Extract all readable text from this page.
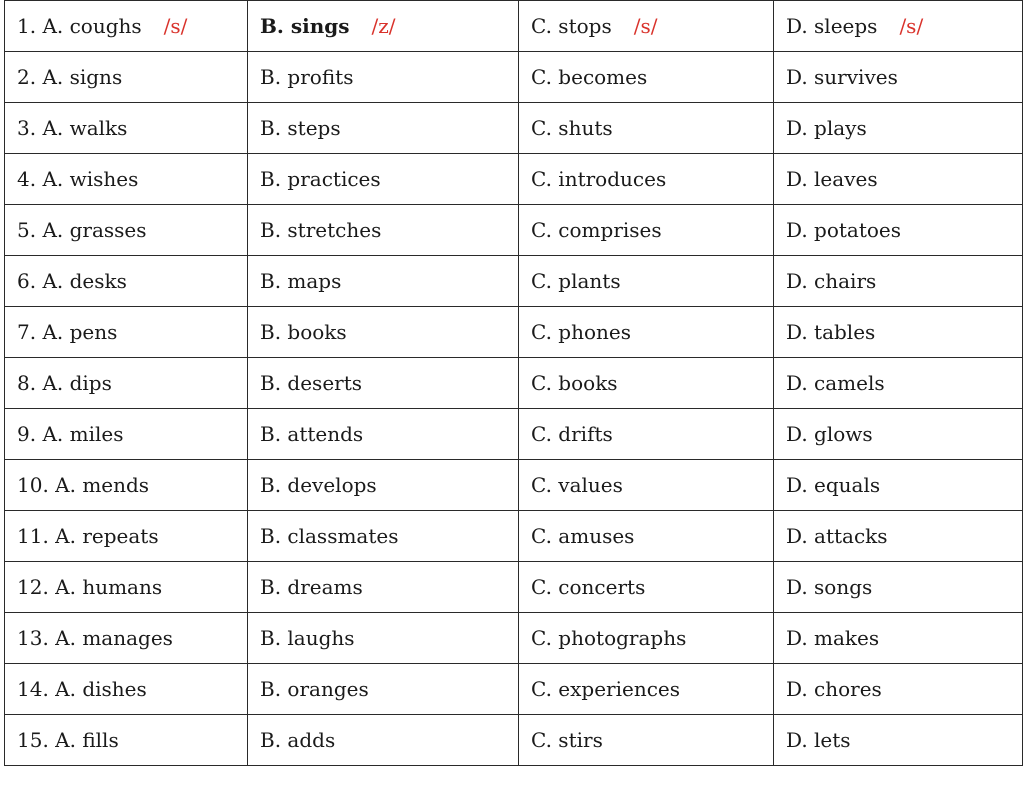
1. A. coughs /s/	B. sings /z/	C. stops /s/	D. sleeps /s/
2. A. signs	B. profits	C. becomes	D. survives
3. A. walks	B. steps	C. shuts	D. plays
4. A. wishes	B. practices	C. introduces	D. leaves
5. A. grasses	B. stretches	C. comprises	D. potatoes
6. A. desks	B. maps	C. plants	D. chairs
7. A. pens	B. books	C. phones	D. tables
8. A. dips	B. deserts	C. books	D. camels
9. A. miles	B. attends	C. drifts	D. glows
10. A. mends	B. develops	C. values	D. equals
11. A. repeats	B. classmates	C. amuses	D. attacks
12. A. humans	B. dreams	C. concerts	D. songs
13. A. manages	B. laughs	C. photographs	D. makes
14. A. dishes	B. oranges	C. experiences	D. chores
15. A. fills	B. adds	C. stirs	D. lets
